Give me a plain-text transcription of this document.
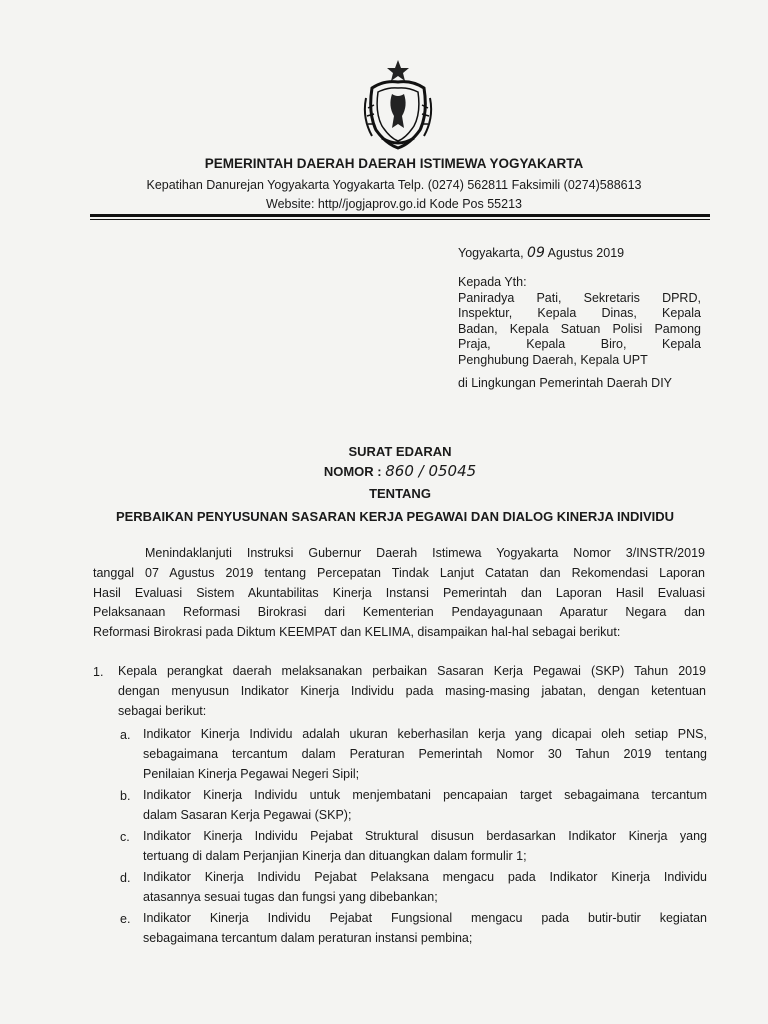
PEMERINTAH DAERAH DAERAH ISTIMEWA YOGYAKARTA
Kepatihan Danurejan Yogyakarta Yogyakarta Telp. (0274) 562811 Faksimili (0274)588613
Website: http//jogjaprov.go.id Kode Pos 55213
Yogyakarta, 09 Agustus 2019
Kepada Yth:
Paniradya Pati, Sekretaris DPRD,
Inspektur, Kepala Dinas, Kepala
Badan, Kepala Satuan Polisi Pamong
Praja,	Kepala	Biro,	Kepala
Penghubung Daerah, Kepala UPT
di Lingkungan Pemerintah Daerah DIY
SURAT EDARAN
NOMOR : 860 / 05045
TENTANG
PERBAIKAN PENYUSUNAN SASARAN KERJA PEGAWAI DAN DIALOG KINERJA INDIVIDU
Menindaklanjuti Instruksi Gubernur Daerah Istimewa Yogyakarta Nomor 3/INSTR/2019
tanggal 07 Agustus 2019 tentang Percepatan Tindak Lanjut Catatan dan Rekomendasi Laporan
Hasil Evaluasi Sistem Akuntabilitas Kinerja Instansi Pemerintah dan Laporan Hasil Evaluasi
Pelaksanaan Reformasi Birokrasi dari Kementerian Pendayagunaan Aparatur Negara dan
Reformasi Birokrasi pada Diktum KEEMPAT dan KELIMA, disampaikan hal-hal sebagai berikut:
1. Kepala perangkat daerah melaksanakan perbaikan Sasaran Kerja Pegawai (SKP) Tahun 2019
dengan menyusun Indikator Kinerja Individu pada masing-masing jabatan, dengan ketentuan
sebagai berikut:
a. Indikator Kinerja Individu adalah ukuran keberhasilan kerja yang dicapai oleh setiap PNS,
sebagaimana tercantum dalam Peraturan Pemerintah Nomor 30 Tahun 2019 tentang
Penilaian Kinerja Pegawai Negeri Sipil;
b. Indikator Kinerja Individu untuk menjembatani pencapaian target sebagaimana tercantum
dalam Sasaran Kerja Pegawai (SKP);
c. Indikator Kinerja Individu Pejabat Struktural disusun berdasarkan Indikator Kinerja yang
tertuang di dalam Perjanjian Kinerja dan dituangkan dalam formulir 1;
d. Indikator Kinerja Individu Pejabat Pelaksana mengacu pada Indikator Kinerja Individu
atasannya sesuai tugas dan fungsi yang dibebankan;
e. Indikator Kinerja Individu Pejabat Fungsional mengacu pada butir-butir kegiatan
sebagaimana tercantum dalam peraturan instansi pembina;
